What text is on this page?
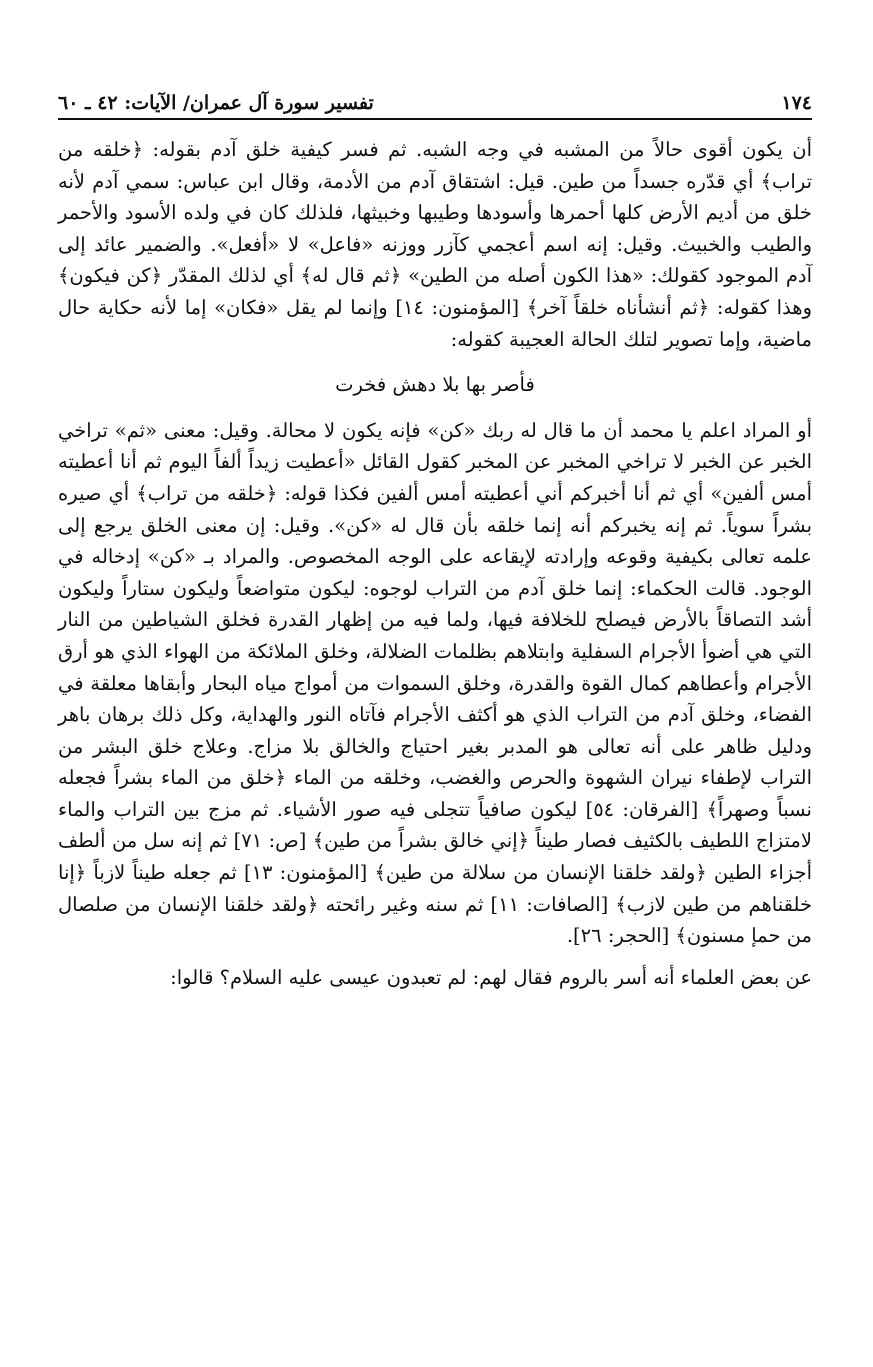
١٧٤
تفسير سورة آل عمران/ الآيات: ٤٢ ـ ٦٠

أن يكون أقوى حالاً من المشبه في وجه الشبه. ثم فسر كيفية خلق آدم بقوله: ﴿خلقه من تراب﴾ أي قدّره جسداً من طين. قيل: اشتقاق آدم من الأدمة، وقال ابن عباس: سمي آدم لأنه خلق من أديم الأرض كلها أحمرها وأسودها وطيبها وخبيثها، فلذلك كان في ولده الأسود والأحمر والطيب والخبيث. وقيل: إنه اسم أعجمي كآزر ووزنه «فاعل» لا «أفعل». والضمير عائد إلى آدم الموجود كقولك: «هذا الكون أصله من الطين» ﴿ثم قال له﴾ أي لذلك المقدّر ﴿كن فيكون﴾ وهذا كقوله: ﴿ثم أنشأناه خلقاً آخر﴾ [المؤمنون: ١٤] وإنما لم يقل «فكان» إما لأنه حكاية حال ماضية، وإما تصوير لتلك الحالة العجيبة كقوله:

فأصر بها بلا دهش فخرت

أو المراد اعلم يا محمد أن ما قال له ربك «كن» فإنه يكون لا محالة. وقيل: معنى «ثم» تراخي الخبر عن الخبر لا تراخي المخبر عن المخبر كقول القائل «أعطيت زيداً ألفاً اليوم ثم أنا أعطيته أمس ألفين» أي ثم أنا أخبركم أني أعطيته أمس ألفين فكذا قوله: ﴿خلقه من تراب﴾ أي صيره بشراً سوياً. ثم إنه يخبركم أنه إنما خلقه بأن قال له «كن». وقيل: إن معنى الخلق يرجع إلى علمه تعالى بكيفية وقوعه وإرادته لإيقاعه على الوجه المخصوص. والمراد بـ «كن» إدخاله في الوجود. قالت الحكماء: إنما خلق آدم من التراب لوجوه: ليكون متواضعاً وليكون ستاراً وليكون أشد التصاقاً بالأرض فيصلح للخلافة فيها، ولما فيه من إظهار القدرة فخلق الشياطين من النار التي هي أضوأ الأجرام السفلية وابتلاهم بظلمات الضلالة، وخلق الملائكة من الهواء الذي هو أرق الأجرام وأعطاهم كمال القوة والقدرة، وخلق السموات من أمواج مياه البحار وأبقاها معلقة في الفضاء، وخلق آدم من التراب الذي هو أكثف الأجرام فآتاه النور والهداية، وكل ذلك برهان باهر ودليل ظاهر على أنه تعالى هو المدبر بغير احتياج والخالق بلا مزاج. وعلاج خلق البشر من التراب لإطفاء نيران الشهوة والحرص والغضب، وخلقه من الماء ﴿خلق من الماء بشراً فجعله نسباً وصهراً﴾ [الفرقان: ٥٤] ليكون صافياً تتجلى فيه صور الأشياء. ثم مزج بين التراب والماء لامتزاج اللطيف بالكثيف فصار طيناً ﴿إني خالق بشراً من طين﴾ [ص: ٧١] ثم إنه سل من ألطف أجزاء الطين ﴿ولقد خلقنا الإنسان من سلالة من طين﴾ [المؤمنون: ١٣] ثم جعله طيناً لازباً ﴿إنا خلقناهم من طين لازب﴾ [الصافات: ١١] ثم سنه وغير رائحته ﴿ولقد خلقنا الإنسان من صلصال من حمإ مسنون﴾ [الحجر: ٢٦].

عن بعض العلماء أنه أسر بالروم فقال لهم: لم تعبدون عيسى عليه السلام؟ قالوا:
